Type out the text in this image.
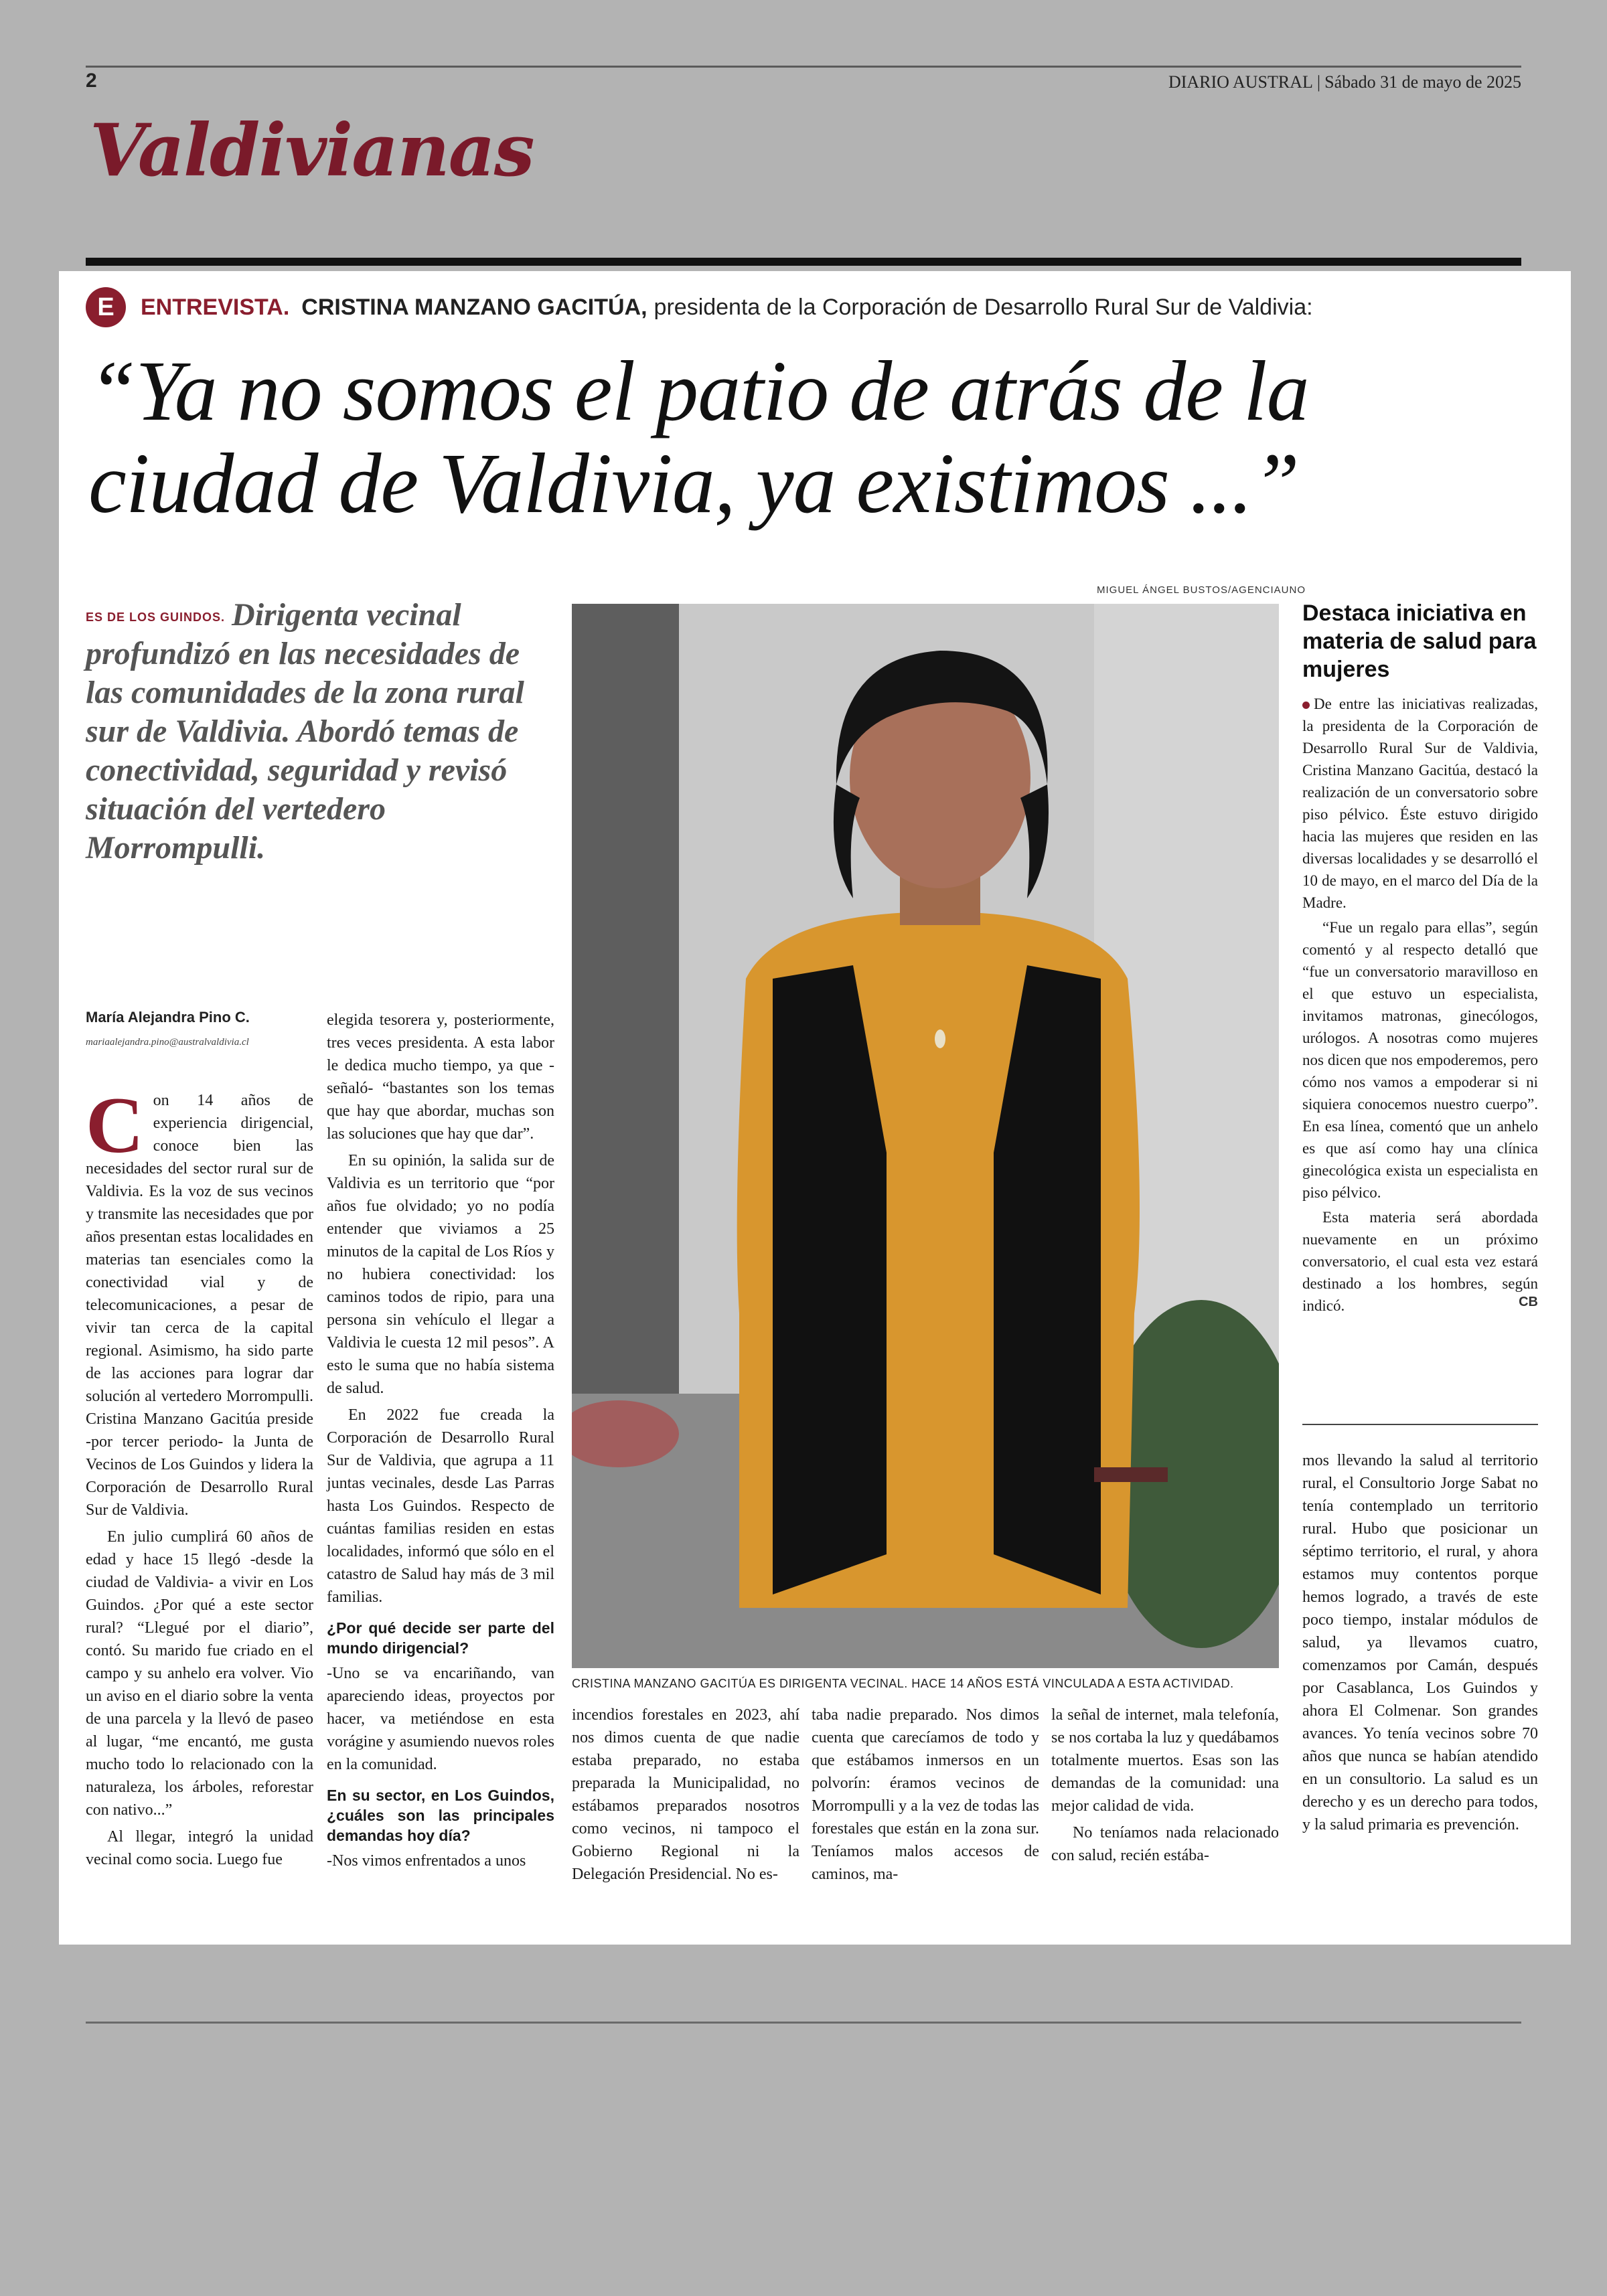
2	DIARIO AUSTRAL | Sábado 31 de mayo de 2025
Valdivianas
E	ENTREVISTA. CRISTINA MANZANO GACITÚA, presidenta de la Corporación de Desarrollo Rural Sur de Valdivia:
“Ya no somos el patio de atrás de la
ciudad de Valdivia, ya existimos ...”

ES DE LOS GUINDOS. Dirigenta vecinal profundizó en las necesidades de las comunidades de la zona rural sur de Valdivia. Abordó temas de conectividad, seguridad y revisó situación del vertedero Morrompulli.

María Alejandra Pino C.
mariaalejandra.pino@australvaldivia.cl

Con 14 años de experiencia dirigencial, conoce bien las necesidades del sector rural sur de Valdivia. Es la voz de sus vecinos y transmite las necesidades que por años presentan estas localidades en materias tan esenciales como la conectividad vial y de telecomunicaciones, a pesar de vivir tan cerca de la capital regional. Asimismo, ha sido parte de las acciones para lograr dar solución al vertedero Morrompulli. Cristina Manzano Gacitúa preside -por tercer periodo- la Junta de Vecinos de Los Guindos y lidera la Corporación de Desarrollo Rural Sur de Valdivia.

En julio cumplirá 60 años de edad y hace 15 llegó -desde la ciudad de Valdivia- a vivir en Los Guindos. ¿Por qué a este sector rural? “Llegué por el diario”, contó. Su marido fue criado en el campo y su anhelo era volver. Vio un aviso en el diario sobre la venta de una parcela y la llevó de paseo al lugar, “me encantó, me gusta mucho todo lo relacionado con la naturaleza, los árboles, reforestar con nativo...”

Al llegar, integró la unidad vecinal como socia. Luego fue

elegida tesorera y, posteriormente, tres veces presidenta. A esta labor le dedica mucho tiempo, ya que -señaló- “bastantes son los temas que hay que abordar, muchas son las soluciones que hay que dar”.

En su opinión, la salida sur de Valdivia es un territorio que “por años fue olvidado; yo no podía entender que viviamos a 25 minutos de la capital de Los Ríos y no hubiera conectividad: los caminos todos de ripio, para una persona sin vehículo el llegar a Valdivia le cuesta 12 mil pesos”. A esto le suma que no había sistema de salud.

En 2022 fue creada la Corporación de Desarrollo Rural Sur de Valdivia, que agrupa a 11 juntas vecinales, desde Las Parras hasta Los Guindos. Respecto de cuántas familias residen en estas localidades, informó que sólo en el catastro de Salud hay más de 3 mil familias.

¿Por qué decide ser parte del mundo dirigencial?

-Uno se va encariñando, van apareciendo ideas, proyectos por hacer, va metiéndose en esta vorágine y asumiendo nuevos roles en la comunidad.

En su sector, en Los Guindos, ¿cuáles son las principales demandas hoy día?

-Nos vimos enfrentados a unos

MIGUEL ÁNGEL BUSTOS/AGENCIAUNO
CRISTINA MANZANO GACITÚA ES DIRIGENTA VECINAL. HACE 14 AÑOS ESTÁ VINCULADA A ESTA ACTIVIDAD.

incendios forestales en 2023, ahí nos dimos cuenta de que nadie estaba preparado, no estaba preparada la Municipalidad, no estábamos preparados nosotros como vecinos, ni tampoco el Gobierno Regional ni la Delegación Presidencial. No es-

taba nadie preparado. Nos dimos cuenta que carecíamos de todo y que estábamos inmersos en un polvorín: éramos vecinos de Morrompulli y a la vez de todas las forestales que están en la zona sur. Teníamos malos accesos de caminos, ma-

la señal de internet, mala telefonía, se nos cortaba la luz y quedábamos totalmente muertos. Esas son las demandas de la comunidad: una mejor calidad de vida.

No teníamos nada relacionado con salud, recién estába-

Destaca iniciativa en materia de salud para mujeres

De entre las iniciativas realizadas, la presidenta de la Corporación de Desarrollo Rural Sur de Valdivia, Cristina Manzano Gacitúa, destacó la realización de un conversatorio sobre piso pélvico. Éste estuvo dirigido hacia las mujeres que residen en las diversas localidades y se desarrolló el 10 de mayo, en el marco del Día de la Madre.

“Fue un regalo para ellas”, según comentó y al respecto detalló que “fue un conversatorio maravilloso en el que estuvo un especialista, invitamos matronas, ginecólogos, urólogos. A nosotras como mujeres nos dicen que nos empoderemos, pero cómo nos vamos a empoderar si ni siquiera conocemos nuestro cuerpo”. En esa línea, comentó que un anhelo es que así como hay una clínica ginecológica exista un especialista en piso pélvico.

Esta materia será abordada nuevamente en un próximo conversatorio, el cual esta vez estará destinado a los hombres, según indicó.	CB

mos llevando la salud al territorio rural, el Consultorio Jorge Sabat no tenía contemplado un territorio rural. Hubo que posicionar un séptimo territorio, el rural, y ahora estamos muy contentos porque hemos logrado, a través de este poco tiempo, instalar módulos de salud, ya llevamos cuatro, comenzamos por Camán, después por Casablanca, Los Guindos y ahora El Colmenar. Son grandes avances. Yo tenía vecinos sobre 70 años que nunca se habían atendido en un consultorio. La salud es un derecho y es un derecho para todos, y la salud primaria es prevención.
